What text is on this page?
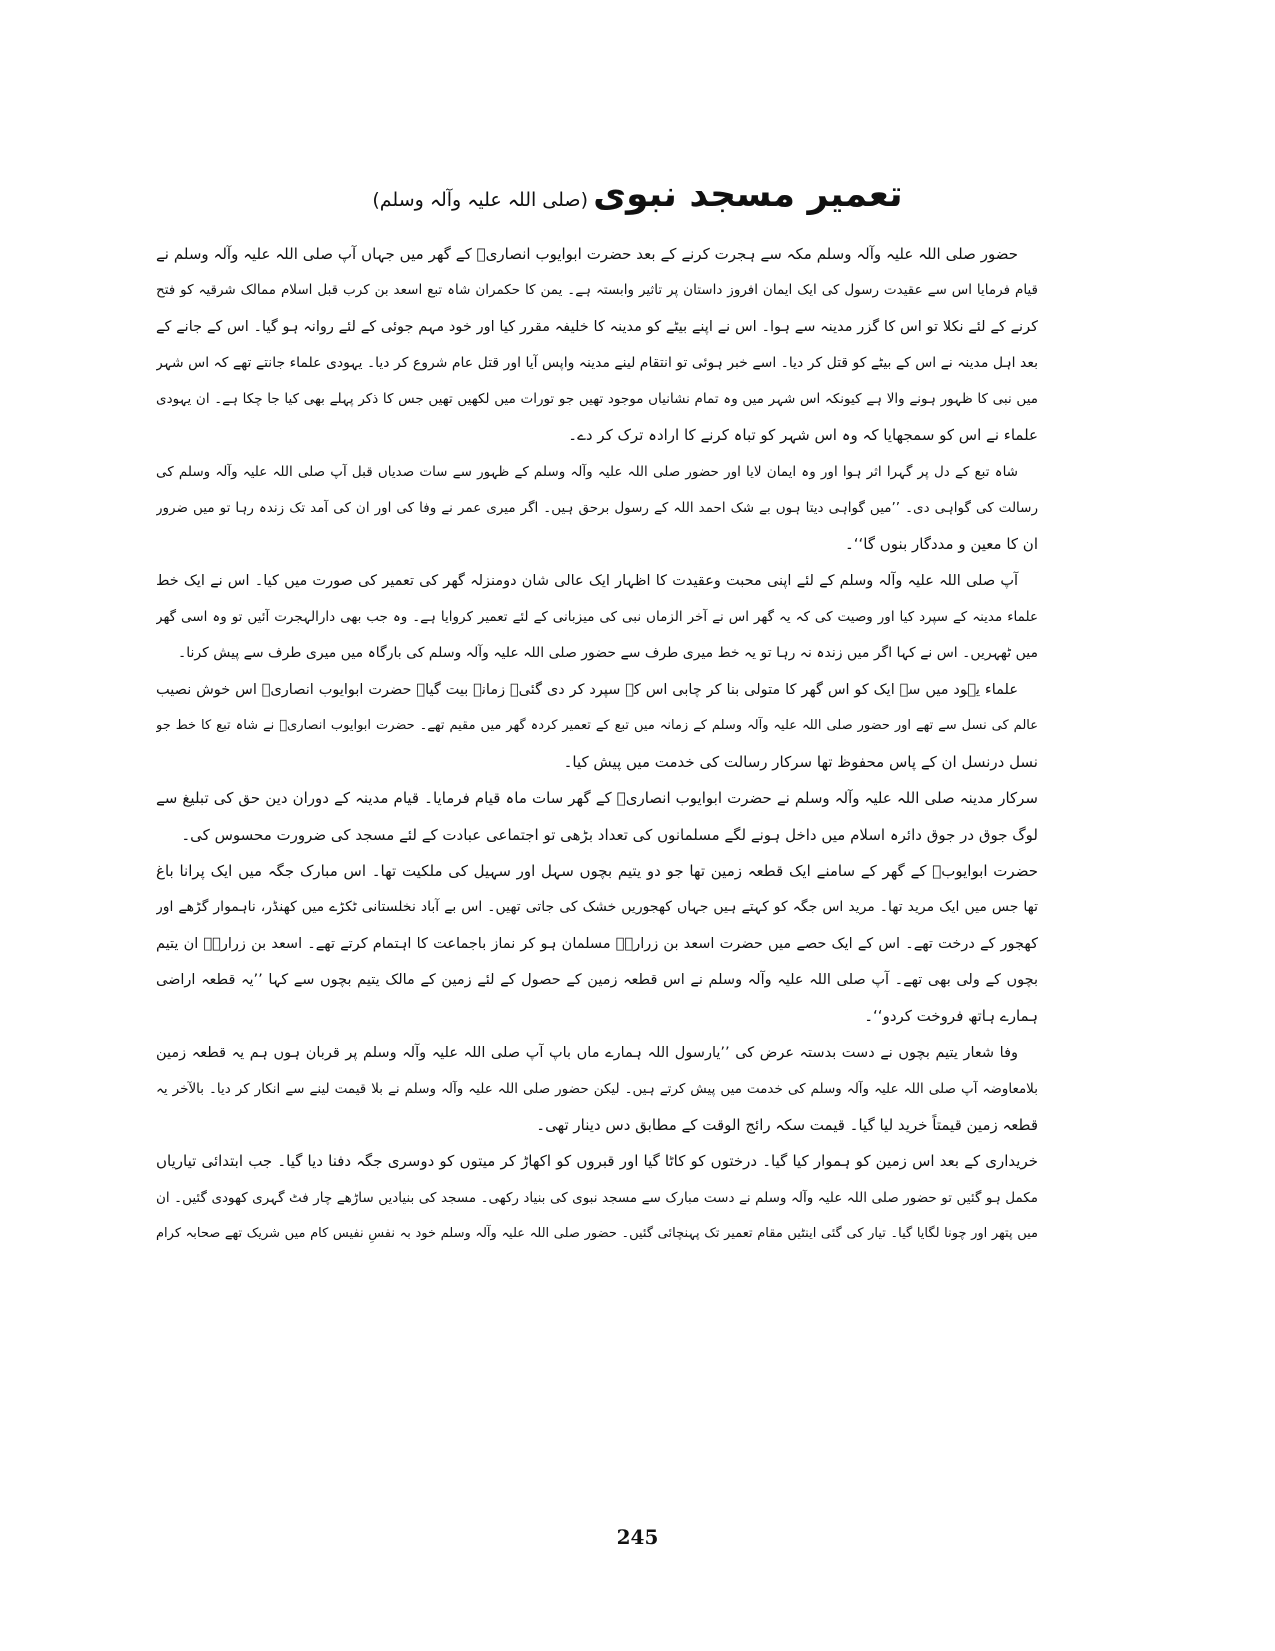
تعمیر مسجد نبوی (صلی اللہ علیہ وآلہ وسلم)
حضور صلی اللہ علیہ وآلہ وسلم مکہ سے ہجرت کرنے کے بعد حضرت ابوایوب انصاریؓ کے گھر میں جہاں آپ صلی اللہ علیہ وآلہ وسلم نے
قیام فرمایا اس سے عقیدت رسول کی ایک ایمان افروز داستان پر تاثیر وابستہ ہے۔ یمن کا حکمران شاہ تبع اسعد بن کرب قبل اسلام ممالک شرقیہ کو فتح
کرنے کے لئے نکلا تو اس کا گزر مدینہ سے ہوا۔ اس نے اپنے بیٹے کو مدینہ کا خلیفہ مقرر کیا اور خود مہم جوئی کے لئے روانہ ہو گیا۔ اس کے جانے کے
بعد اہل مدینہ نے اس کے بیٹے کو قتل کر دیا۔ اسے خبر ہوئی تو انتقام لینے مدینہ واپس آیا اور قتل عام شروع کر دیا۔ یہودی علماء جانتے تھے کہ اس شہر
میں نبی کا ظہور ہونے والا ہے کیونکہ اس شہر میں وہ تمام نشانیاں موجود تھیں جو تورات میں لکھیں تھیں جس کا ذکر پہلے بھی کیا جا چکا ہے۔ ان یہودی
علماء نے اس کو سمجھایا کہ وہ اس شہر کو تباہ کرنے کا ارادہ ترک کر دے۔
شاہ تبع کے دل پر گہرا اثر ہوا اور وہ ایمان لایا اور حضور صلی اللہ علیہ وآلہ وسلم کے ظہور سے سات صدیاں قبل آپ صلی اللہ علیہ وآلہ وسلم کی
رسالت کی گواہی دی۔ ’’میں گواہی دیتا ہوں بے شک احمد اللہ کے رسول برحق ہیں۔ اگر میری عمر نے وفا کی اور ان کی آمد تک زندہ رہا تو میں ضرور
ان کا معین و مددگار بنوں گا‘‘۔
آپ صلی اللہ علیہ وآلہ وسلم کے لئے اپنی محبت وعقیدت کا اظہار ایک عالی شان دومنزلہ گھر کی تعمیر کی صورت میں کیا۔ اس نے ایک خط
علماء مدینہ کے سپرد کیا اور وصیت کی کہ یہ گھر اس نے آخر الزماں نبی کی میزبانی کے لئے تعمیر کروایا ہے۔ وہ جب بھی دارالہجرت آئیں تو وہ اسی گھر
میں ٹھہریں۔ اس نے کہا اگر میں زندہ نہ رہا تو یہ خط میری طرف سے حضور صلی اللہ علیہ وآلہ وسلم کی بارگاہ میں میری طرف سے پیش کرنا۔
علماء یہود میں سے ایک کو اس گھر کا متولی بنا کر چابی اس کے سپرد کر دی گئی۔ زمانہ بیت گیا۔ حضرت ابوایوب انصاریؓ اس خوش نصیب
عالم کی نسل سے تھے اور حضور صلی اللہ علیہ وآلہ وسلم کے زمانہ میں تبع کے تعمیر کردہ گھر میں مقیم تھے۔ حضرت ابوایوب انصاریؓ نے شاہ تبع کا خط جو
نسل درنسل ان کے پاس محفوظ تھا سرکار رسالت کی خدمت میں پیش کیا۔
سرکار مدینہ صلی اللہ علیہ وآلہ وسلم نے حضرت ابوایوب انصاریؓ کے گھر سات ماہ قیام فرمایا۔ قیام مدینہ کے دوران دین حق کی تبلیغ سے
لوگ جوق در جوق دائرہ اسلام میں داخل ہونے لگے مسلمانوں کی تعداد بڑھی تو اجتماعی عبادت کے لئے مسجد کی ضرورت محسوس کی۔
حضرت ابوایوبؓ کے گھر کے سامنے ایک قطعہ زمین تھا جو دو یتیم بچوں سہل اور سہیل کی ملکیت تھا۔ اس مبارک جگہ میں ایک پرانا باغ
تھا جس میں ایک مرید تھا۔ مرید اس جگہ کو کہتے ہیں جہاں کھجوریں خشک کی جاتی تھیں۔ اس بے آباد نخلستانی ٹکڑے میں کھنڈر، ناہموار گڑھے اور
کھجور کے درخت تھے۔ اس کے ایک حصے میں حضرت اسعد بن زرارہؓ مسلمان ہو کر نماز باجماعت کا اہتمام کرتے تھے۔ اسعد بن زرارہؓ ان یتیم
بچوں کے ولی بھی تھے۔ آپ صلی اللہ علیہ وآلہ وسلم نے اس قطعہ زمین کے حصول کے لئے زمین کے مالک یتیم بچوں سے کہا ’’یہ قطعہ اراضی
ہمارے ہاتھ فروخت کردو‘‘۔
وفا شعار یتیم بچوں نے دست بدستہ عرض کی ’’یارسول اللہ ہمارے ماں باپ آپ صلی اللہ علیہ وآلہ وسلم پر قربان ہوں ہم یہ قطعہ زمین
بلامعاوضہ آپ صلی اللہ علیہ وآلہ وسلم کی خدمت میں پیش کرتے ہیں۔ لیکن حضور صلی اللہ علیہ وآلہ وسلم نے بلا قیمت لینے سے انکار کر دیا۔ بالآخر یہ
قطعہ زمین قیمتاً خرید لیا گیا۔ قیمت سکہ رائج الوقت کے مطابق دس دینار تھی۔
خریداری کے بعد اس زمین کو ہموار کیا گیا۔ درختوں کو کاٹا گیا اور قبروں کو اکھاڑ کر میتوں کو دوسری جگہ دفنا دیا گیا۔ جب ابتدائی تیاریاں
مکمل ہو گئیں تو حضور صلی اللہ علیہ وآلہ وسلم نے دست مبارک سے مسجد نبوی کی بنیاد رکھی۔ مسجد کی بنیادیں ساڑھے چار فٹ گہری کھودی گئیں۔ ان
میں پتھر اور چونا لگایا گیا۔ تیار کی گئی اینٹیں مقام تعمیر تک پہنچائی گئیں۔ حضور صلی اللہ علیہ وآلہ وسلم خود بہ نفسِ نفیس کام میں شریک تھے صحابہ کرام
245
